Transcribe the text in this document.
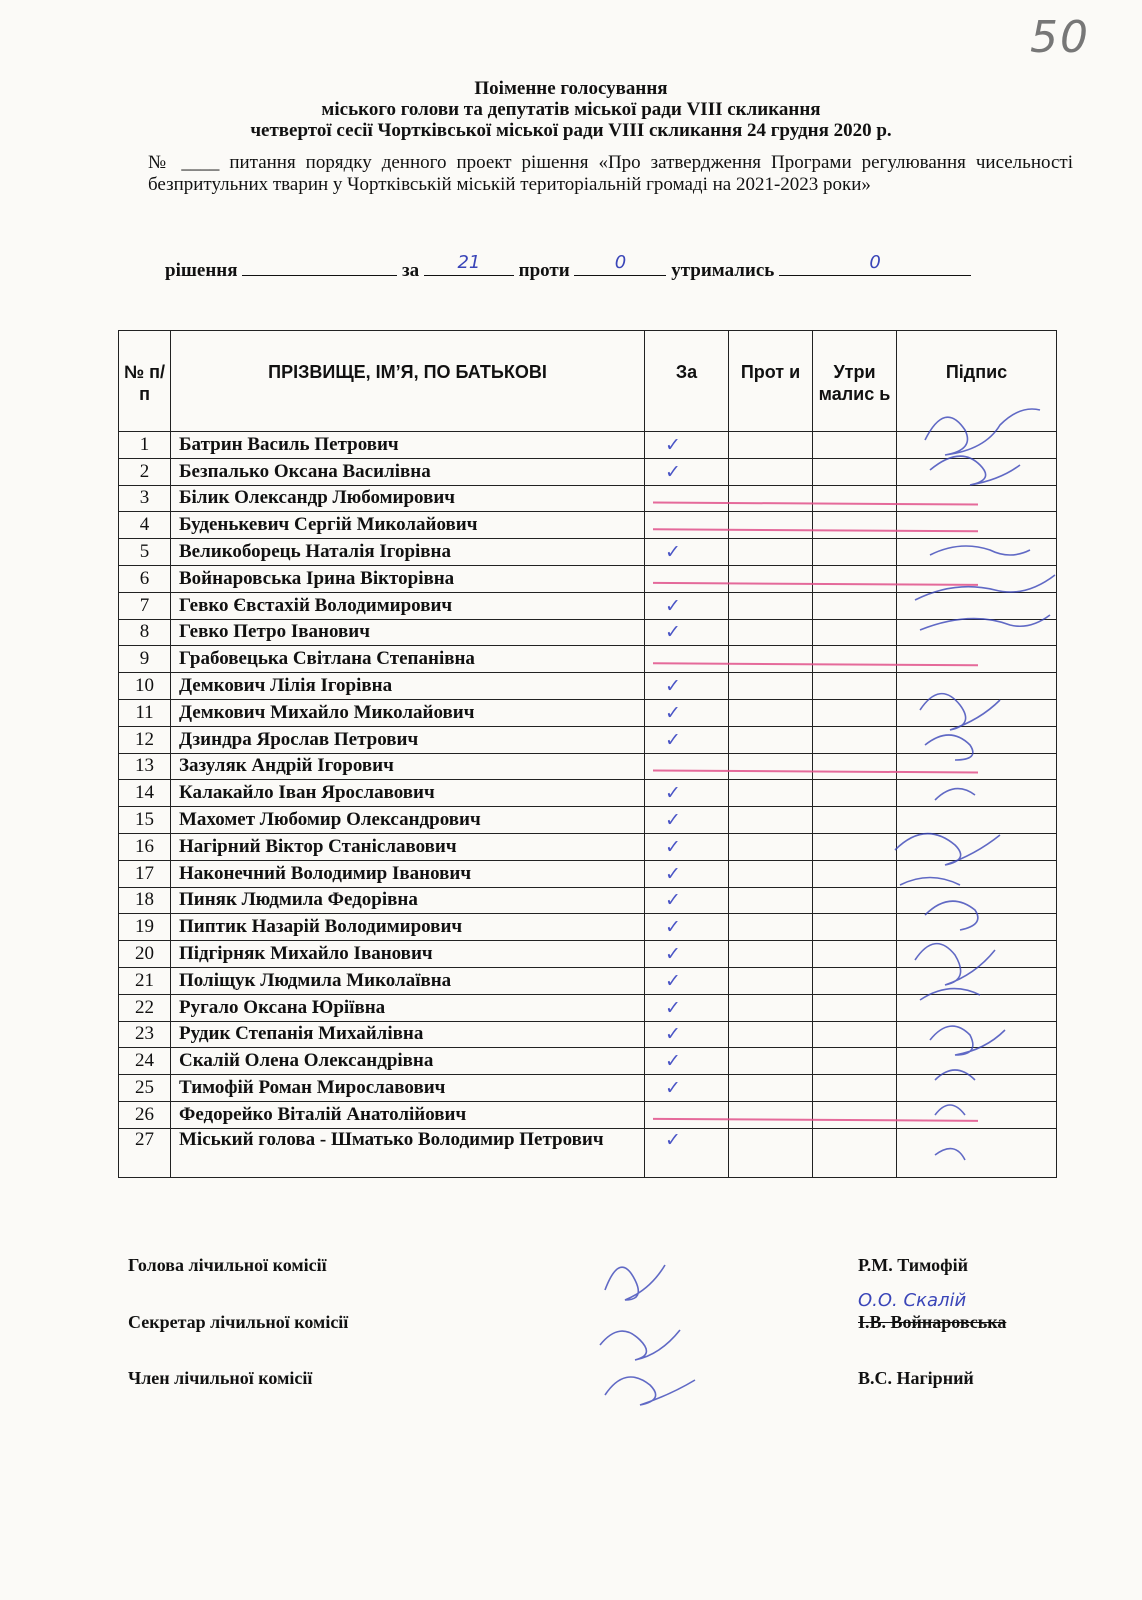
50
Поіменне голосування
міського голови та депутатів міської ради VIII скликання
четвертої сесії Чортківської міської ради VIII скликання 24 грудня 2020 р.
№ ____ питання порядку денного проект рішення «Про затвердження Програми регулювання чисельності безпритульних тварин у Чортківській міській територіальній громаді на 2021-2023 роки»
рішення	за	21	проти	0	утримались	0
№ п/п	ПРІЗВИЩЕ, ІМ’Я, ПО БАТЬКОВІ	За	Прот и	Утри малис ь	Підпис
1	Батрин Василь Петрович	✓			
2	Безпалько Оксана Василівна	✓			
3	Білик Олександр Любомирович				
4	Буденькевич Сергій Миколайович				
5	Великоборець Наталія Ігорівна	✓			
6	Войнаровська Ірина Вікторівна				
7	Гевко Євстахій Володимирович	✓			
8	Гевко Петро Іванович	✓			
9	Грабовецька Світлана Степанівна				
10	Демкович Лілія Ігорівна	✓			
11	Демкович Михайло Миколайович	✓			
12	Дзиндра Ярослав Петрович	✓			
13	Зазуляк Андрій Ігорович				
14	Калакайло Іван Ярославович	✓			
15	Махомет Любомир Олександрович	✓			
16	Нагірний Віктор Станіславович	✓			
17	Наконечний Володимир Іванович	✓			
18	Пиняк Людмила Федорівна	✓			
19	Пиптик Назарій Володимирович	✓			
20	Підгірняк Михайло Іванович	✓			
21	Поліщук Людмила Миколаївна	✓			
22	Ругало Оксана Юріївна	✓			
23	Рудик Степанія Михайлівна	✓			
24	Скалій Олена Олександрівна	✓			
25	Тимофій Роман Мирославович	✓			
26	Федорейко Віталій Анатолійович				
27	Міський голова - Шматько Володимир Петрович	✓			
Голова лічильної комісії	Р.М. Тимофій
Секретар лічильної комісії	І.В. Войнаровська
О.О. Скалій
Член лічильної комісії	В.С. Нагірний
